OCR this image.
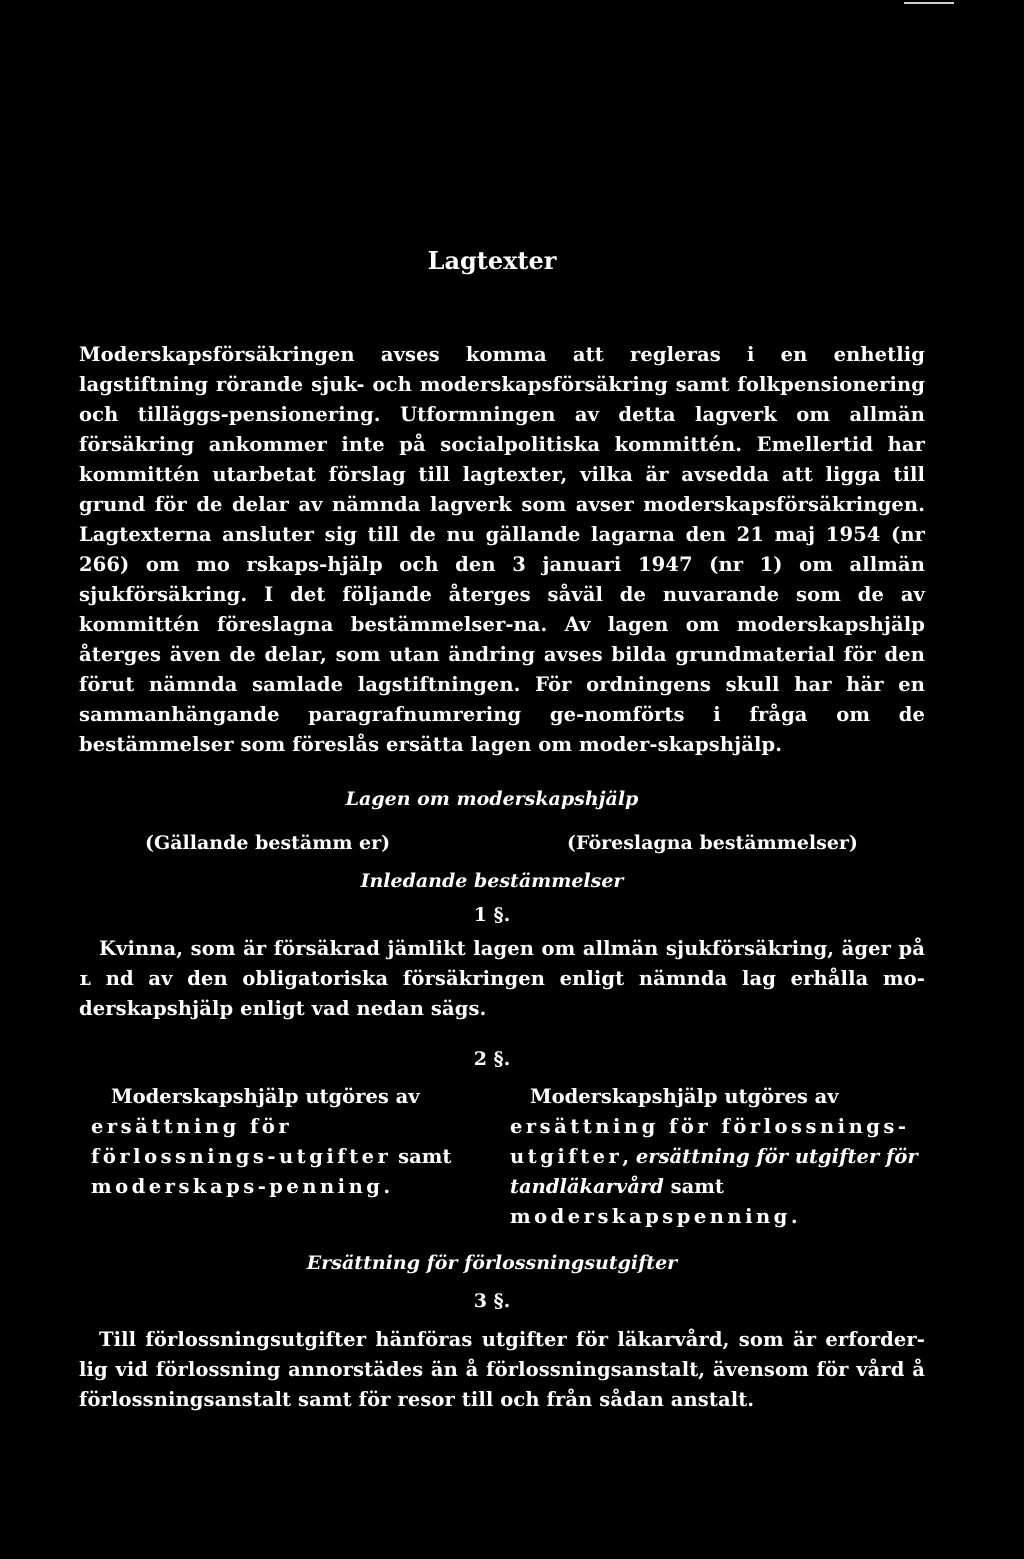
Lagtexter
Moderskapsförsäkringen avses komma att regleras i en enhetlig lagstiftning rörande sjuk- och moderskapsförsäkring samt folkpensionering och tilläggs-pensionering. Utformningen av detta lagverk om allmän försäkring ankommer inte på socialpolitiska kommittén. Emellertid har kommittén utarbetat förslag till lagtexter, vilka är avsedda att ligga till grund för de delar av nämnda lagverk som avser moderskapsförsäkringen. Lagtexterna ansluter sig till de nu gällande lagarna den 21 maj 1954 (nr 266) om mo rskaps-hjälp och den 3 januari 1947 (nr 1) om allmän sjukförsäkring. I det följande återges såväl de nuvarande som de av kommittén föreslagna bestämmelser-na. Av lagen om moderskapshjälp återges även de delar, som utan ändring avses bilda grundmaterial för den förut nämnda samlade lagstiftningen. För ordningens skull har här en sammanhängande paragrafnumrering ge-nomförts i fråga om de bestämmelser som föreslås ersätta lagen om moder-skapshjälp.
Lagen om moderskapshjälp
(Gällande bestämm er)	(Föreslagna bestämmelser)
Inledande bestämmelser
1 §.
Kvinna, som är försäkrad jämlikt lagen om allmän sjukförsäkring, äger på ʟ nd av den obligatoriska försäkringen enligt nämnda lag erhålla mo-derskapshjälp enligt vad nedan sägs.
2 §.
Moderskapshjälp utgöres av ersättning för förlossnings-utgifter samt moderskaps-penning.
Moderskapshjälp utgöres av ersättning för förlossnings-utgifter, ersättning för utgifter för tandläkarvård samt moderskapspenning.
Ersättning för förlossningsutgifter
3 §.
Till förlossningsutgifter hänföras utgifter för läkarvård, som är erforder-lig vid förlossning annorstädes än å förlossningsanstalt, ävensom för vård å förlossningsanstalt samt för resor till och från sådan anstalt.
